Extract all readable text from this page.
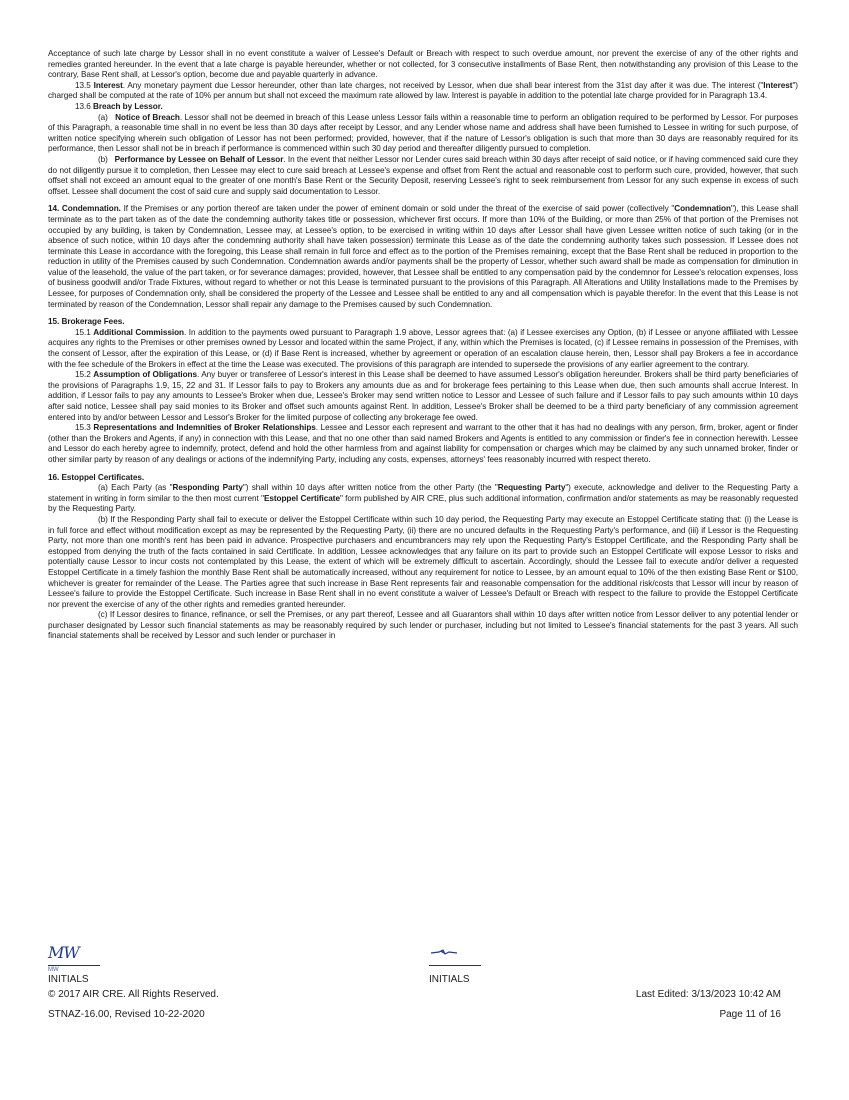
Acceptance of such late charge by Lessor shall in no event constitute a waiver of Lessee's Default or Breach with respect to such overdue amount, nor prevent the exercise of any of the other rights and remedies granted hereunder. In the event that a late charge is payable hereunder, whether or not collected, for 3 consecutive installments of Base Rent, then notwithstanding any provision of this Lease to the contrary, Base Rent shall, at Lessor's option, become due and payable quarterly in advance.

13.5 Interest. Any monetary payment due Lessor hereunder, other than late charges, not received by Lessor, when due shall bear interest from the 31st day after it was due. The interest ("Interest") charged shall be computed at the rate of 10% per annum but shall not exceed the maximum rate allowed by law. Interest is payable in addition to the potential late charge provided for in Paragraph 13.4.

13.6 Breach by Lessor.

(a) Notice of Breach. Lessor shall not be deemed in breach of this Lease unless Lessor fails within a reasonable time to perform an obligation required to be performed by Lessor. For purposes of this Paragraph, a reasonable time shall in no event be less than 30 days after receipt by Lessor, and any Lender whose name and address shall have been furnished to Lessee in writing for such purpose, of written notice specifying wherein such obligation of Lessor has not been performed; provided, however, that if the nature of Lessor's obligation is such that more than 30 days are reasonably required for its performance, then Lessor shall not be in breach if performance is commenced within such 30 day period and thereafter diligently pursued to completion.

(b) Performance by Lessee on Behalf of Lessor. In the event that neither Lessor nor Lender cures said breach within 30 days after receipt of said notice, or if having commenced said cure they do not diligently pursue it to completion, then Lessee may elect to cure said breach at Lessee's expense and offset from Rent the actual and reasonable cost to perform such cure, provided, however, that such offset shall not exceed an amount equal to the greater of one month's Base Rent or the Security Deposit, reserving Lessee's right to seek reimbursement from Lessor for any such expense in excess of such offset. Lessee shall document the cost of said cure and supply said documentation to Lessor.

14. Condemnation. If the Premises or any portion thereof are taken under the power of eminent domain or sold under the threat of the exercise of said power (collectively "Condemnation"), this Lease shall terminate as to the part taken as of the date the condemning authority takes title or possession, whichever first occurs. If more than 10% of the Building, or more than 25% of that portion of the Premises not occupied by any building, is taken by Condemnation, Lessee may, at Lessee's option, to be exercised in writing within 10 days after Lessor shall have given Lessee written notice of such taking (or in the absence of such notice, within 10 days after the condemning authority shall have taken possession) terminate this Lease as of the date the condemning authority takes such possession. If Lessee does not terminate this Lease in accordance with the foregoing, this Lease shall remain in full force and effect as to the portion of the Premises remaining, except that the Base Rent shall be reduced in proportion to the reduction in utility of the Premises caused by such Condemnation. Condemnation awards and/or payments shall be the property of Lessor, whether such award shall be made as compensation for diminution in value of the leasehold, the value of the part taken, or for severance damages; provided, however, that Lessee shall be entitled to any compensation paid by the condemnor for Lessee's relocation expenses, loss of business goodwill and/or Trade Fixtures, without regard to whether or not this Lease is terminated pursuant to the provisions of this Paragraph. All Alterations and Utility Installations made to the Premises by Lessee, for purposes of Condemnation only, shall be considered the property of the Lessee and Lessee shall be entitled to any and all compensation which is payable therefor. In the event that this Lease is not terminated by reason of the Condemnation, Lessor shall repair any damage to the Premises caused by such Condemnation.

15. Brokerage Fees.

15.1 Additional Commission. In addition to the payments owed pursuant to Paragraph 1.9 above, Lessor agrees that: (a) if Lessee exercises any Option, (b) if Lessee or anyone affiliated with Lessee acquires any rights to the Premises or other premises owned by Lessor and located within the same Project, if any, within which the Premises is located, (c) if Lessee remains in possession of the Premises, with the consent of Lessor, after the expiration of this Lease, or (d) if Base Rent is increased, whether by agreement or operation of an escalation clause herein, then, Lessor shall pay Brokers a fee in accordance with the fee schedule of the Brokers in effect at the time the Lease was executed. The provisions of this paragraph are intended to supersede the provisions of any earlier agreement to the contrary.

15.2 Assumption of Obligations. Any buyer or transferee of Lessor's interest in this Lease shall be deemed to have assumed Lessor's obligation hereunder. Brokers shall be third party beneficiaries of the provisions of Paragraphs 1.9, 15, 22 and 31. If Lessor fails to pay to Brokers any amounts due as and for brokerage fees pertaining to this Lease when due, then such amounts shall accrue Interest. In addition, if Lessor fails to pay any amounts to Lessee's Broker when due, Lessee's Broker may send written notice to Lessor and Lessee of such failure and if Lessor fails to pay such amounts within 10 days after said notice, Lessee shall pay said monies to its Broker and offset such amounts against Rent. In addition, Lessee's Broker shall be deemed to be a third party beneficiary of any commission agreement entered into by and/or between Lessor and Lessor's Broker for the limited purpose of collecting any brokerage fee owed.

15.3 Representations and Indemnities of Broker Relationships. Lessee and Lessor each represent and warrant to the other that it has had no dealings with any person, firm, broker, agent or finder (other than the Brokers and Agents, if any) in connection with this Lease, and that no one other than said named Brokers and Agents is entitled to any commission or finder's fee in connection herewith. Lessee and Lessor do each hereby agree to indemnify, protect, defend and hold the other harmless from and against liability for compensation or charges which may be claimed by any such unnamed broker, finder or other similar party by reason of any dealings or actions of the indemnifying Party, including any costs, expenses, attorneys' fees reasonably incurred with respect thereto.

16. Estoppel Certificates.

(a) Each Party (as "Responding Party") shall within 10 days after written notice from the other Party (the "Requesting Party") execute, acknowledge and deliver to the Requesting Party a statement in writing in form similar to the then most current "Estoppel Certificate" form published by AIR CRE, plus such additional information, confirmation and/or statements as may be reasonably requested by the Requesting Party.

(b) If the Responding Party shall fail to execute or deliver the Estoppel Certificate within such 10 day period, the Requesting Party may execute an Estoppel Certificate stating that: (i) the Lease is in full force and effect without modification except as may be represented by the Requesting Party, (ii) there are no uncured defaults in the Requesting Party's performance, and (iii) if Lessor is the Requesting Party, not more than one month's rent has been paid in advance. Prospective purchasers and encumbrancers may rely upon the Requesting Party's Estoppel Certificate, and the Responding Party shall be estopped from denying the truth of the facts contained in said Certificate. In addition, Lessee acknowledges that any failure on its part to provide such an Estoppel Certificate will expose Lessor to risks and potentially cause Lessor to incur costs not contemplated by this Lease, the extent of which will be extremely difficult to ascertain. Accordingly, should the Lessee fail to execute and/or deliver a requested Estoppel Certificate in a timely fashion the monthly Base Rent shall be automatically increased, without any requirement for notice to Lessee, by an amount equal to 10% of the then existing Base Rent or $100, whichever is greater for remainder of the Lease. The Parties agree that such increase in Base Rent represents fair and reasonable compensation for the additional risk/costs that Lessor will incur by reason of Lessee's failure to provide the Estoppel Certificate. Such increase in Base Rent shall in no event constitute a waiver of Lessee's Default or Breach with respect to the failure to provide the Estoppel Certificate nor prevent the exercise of any of the other rights and remedies granted hereunder.

(c) If Lessor desires to finance, refinance, or sell the Premises, or any part thereof, Lessee and all Guarantors shall within 10 days after written notice from Lessor deliver to any potential lender or purchaser designated by Lessor such financial statements as may be reasonably required by such lender or purchaser, including but not limited to Lessee's financial statements for the past 3 years. All such financial statements shall be received by Lessor and such lender or purchaser in

MW
MW
INITIALS	INITIALS
© 2017 AIR CRE. All Rights Reserved.	Last Edited: 3/13/2023 10:42 AM
STNAZ-16.00, Revised 10-22-2020	Page 11 of 16
